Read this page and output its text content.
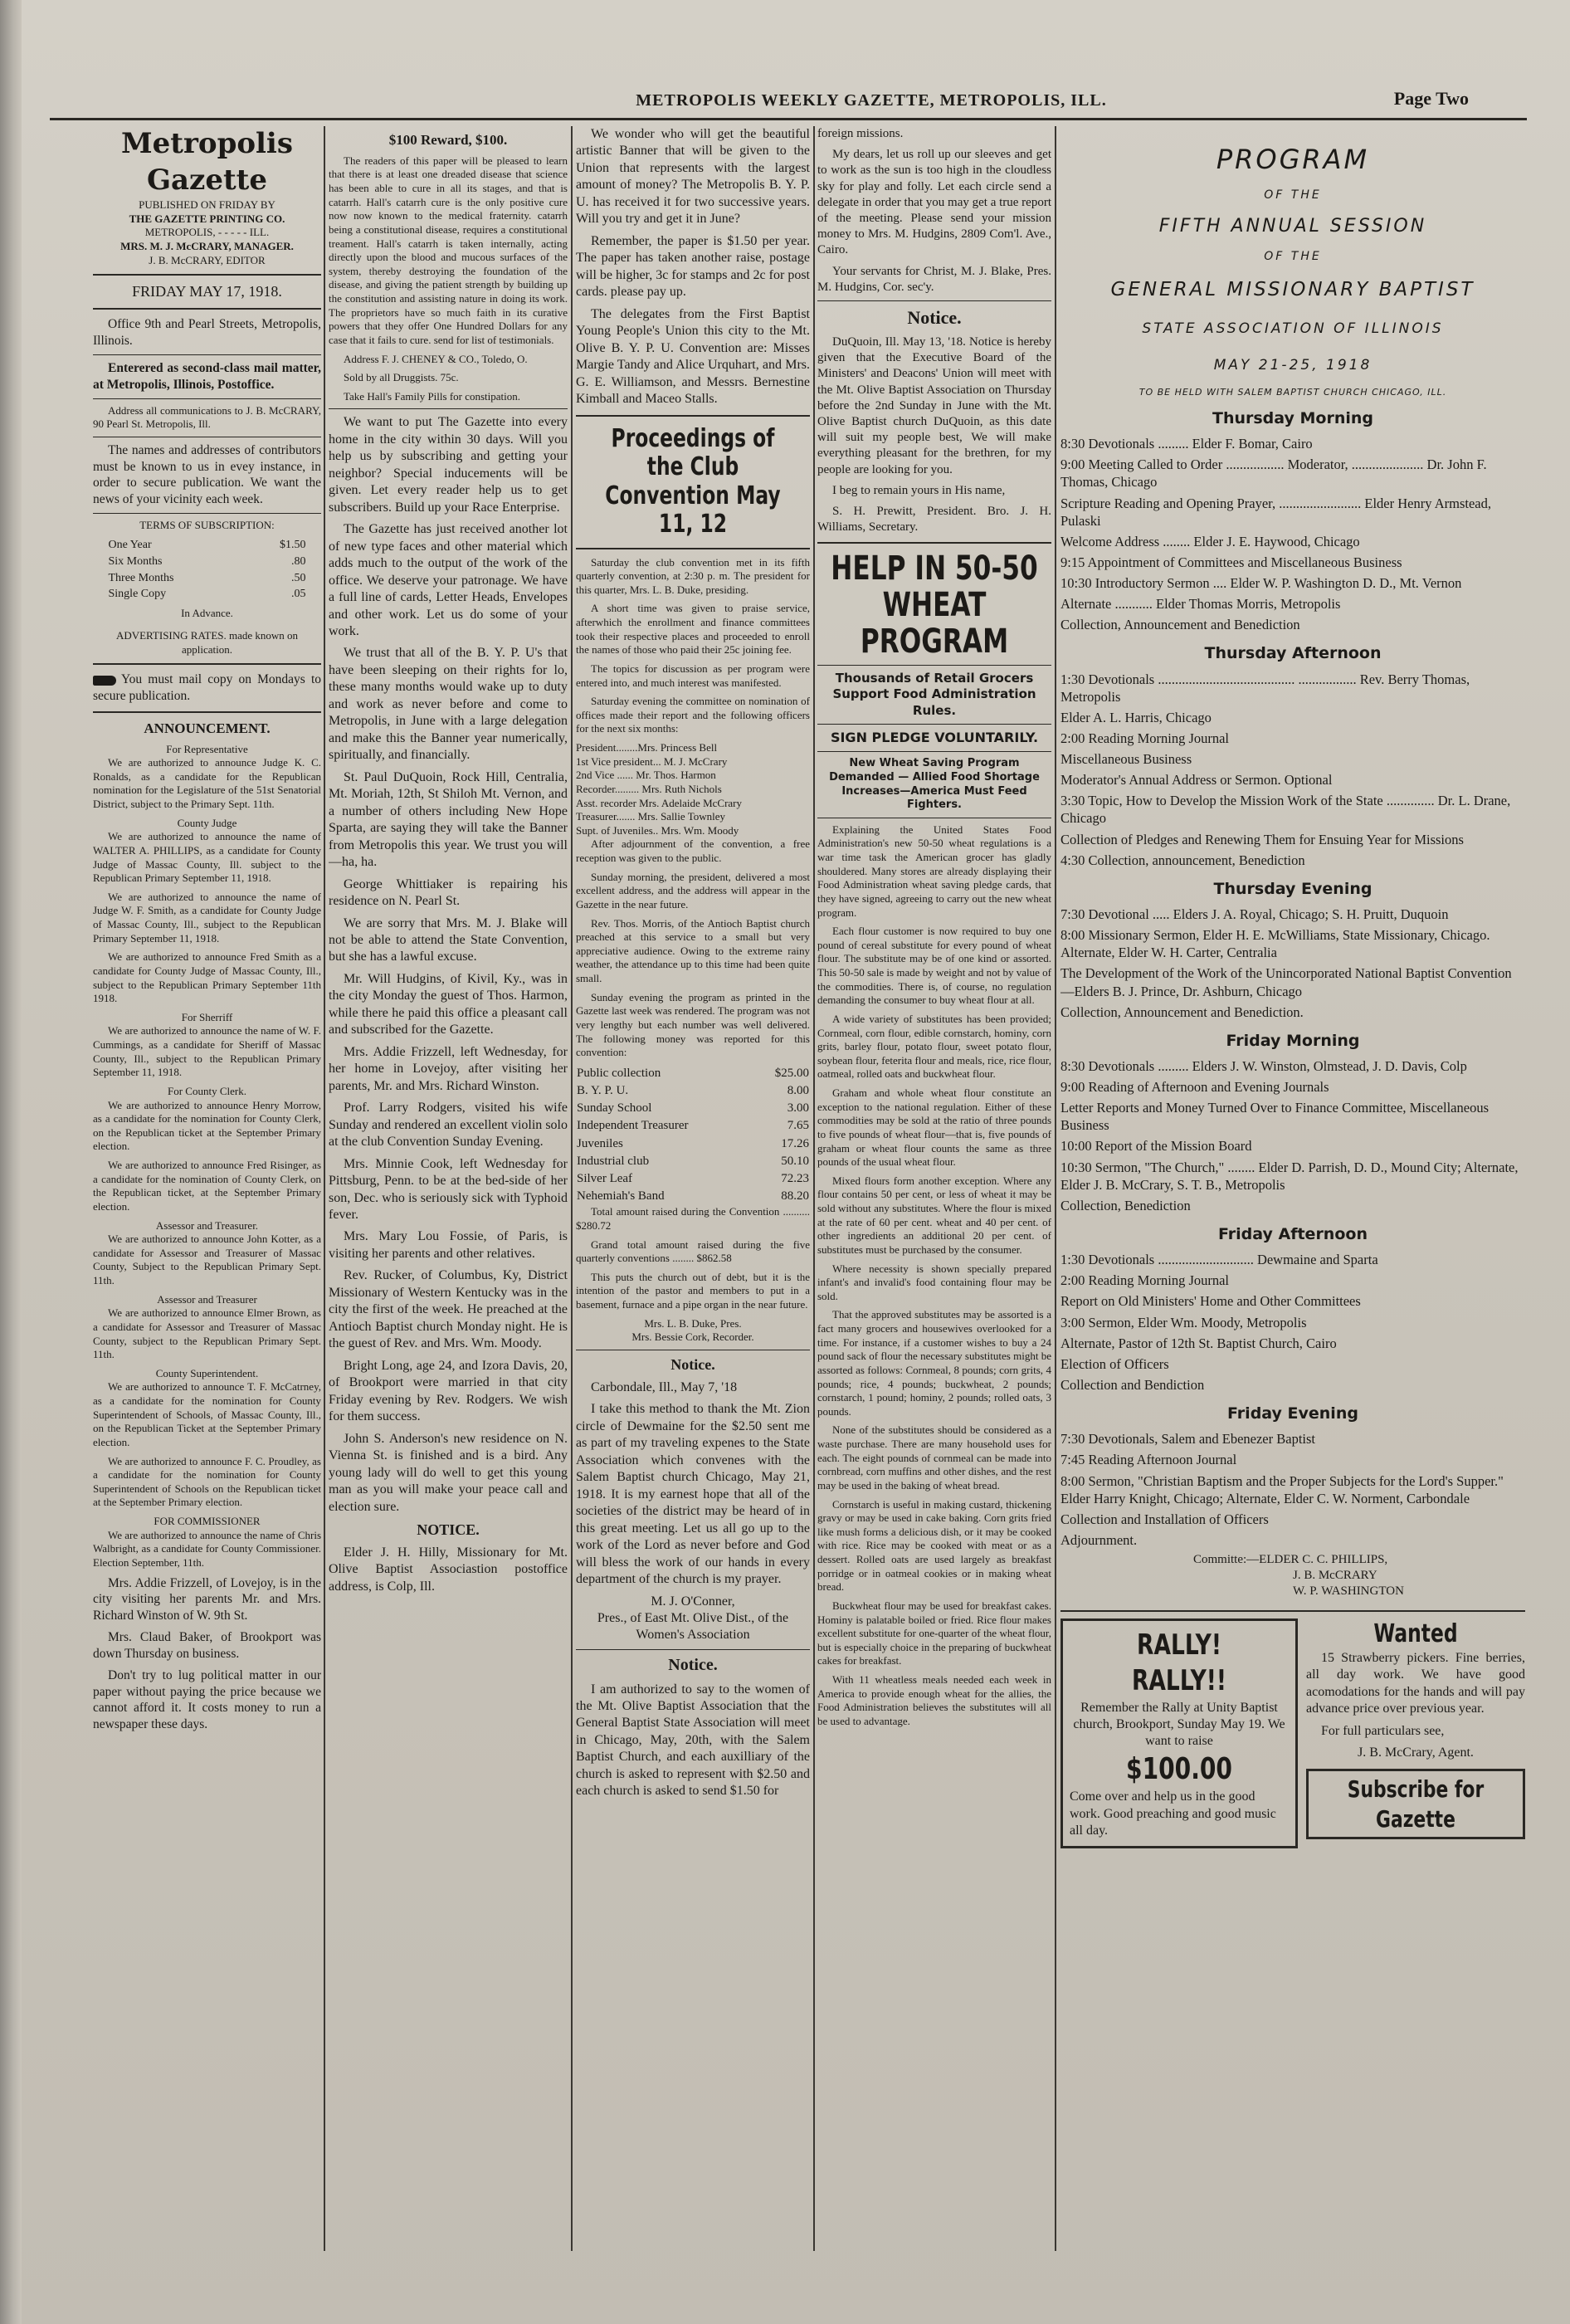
METROPOLIS WEEKLY GAZETTE, METROPOLIS, ILL.	Page Two
Metropolis Gazette
PUBLISHED ON FRIDAY BY
THE GAZETTE PRINTING CO.
METROPOLIS, - - - - - ILL.
MRS. M. J. McCRARY, MANAGER.
J. B. McCRARY, EDITOR
FRIDAY MAY 17, 1918.

Office 9th and Pearl Streets, Metropolis, Illinois.

Enterered as second-class mail matter, at Metropolis, Illinois, Postoffice.

Address all communications to J. B. McCRARY, 90 Pearl St. Metropolis, Ill.

The names and addresses of contributors must be known to us in evey instance, in order to secure publication. We want the news of your vicinity each week.

TERMS OF SUBSCRIPTION:
One Year	$1.50
Six Months	.80
Three Months	.50
Single Copy	.05
In Advance.
ADVERTISING RATES. made known on application.

You must mail copy on Mondays to secure publication.

ANNOUNCEMENT.
For Representative

We are authorized to announce Judge K. C. Ronalds, as a candidate for the Republican nomination for the Legislature of the 51st Senatorial District, subject to the Primary Sept. 11th.

County Judge

We are authorized to announce the name of WALTER A. PHILLIPS, as a candidate for County Judge of Massac County, Ill. subject to the Republican Primary September 11, 1918.

We are authorized to announce the name of Judge W. F. Smith, as a candidate for County Judge of Massac County, Ill., subject to the Republican Primary September 11, 1918.

We are authorized to announce Fred Smith as a candidate for County Judge of Massac County, Ill., subject to the Republican Primary September 11th 1918.

For Sherriff

We are authorized to announce the name of W. F. Cummings, as a candidate for Sheriff of Massac County, Ill., subject to the Republican Primary September 11, 1918.

For County Clerk.

We are authorized to announce Henry Morrow, as a candidate for the nomination for County Clerk, on the Republican ticket at the September Primary election.

We are authorized to announce Fred Risinger, as a candidate for the nomination of County Clerk, on the Republican ticket, at the September Primary election.

Assessor and Treasurer.

We are authorized to announce John Kotter, as a candidate for Assessor and Treasurer of Massac County, Subject to the Republican Primary Sept. 11th.

Assessor and Treasurer

We are authorized to announce Elmer Brown, as a candidate for Assessor and Treasurer of Massac County, subject to the Republican Primary Sept. 11th.

County Superintendent.

We are authorized to announce T. F. McCatrney, as a candidate for the nomination for County Superintendent of Schools, of Massac County, Ill., on the Republican Ticket at the September Primary election.

We are authorized to announce F. C. Proudley, as a candidate for the nomination for County Superintendent of Schools on the Republican ticket at the September Primary election.

FOR COMMISSIONER

We are authorized to announce the name of Chris Walbright, as a candidate for County Commissioner. Election September, 11th.

Mrs. Addie Frizzell, of Lovejoy, is in the city visiting her parents Mr. and Mrs. Richard Winston of W. 9th St.

Mrs. Claud Baker, of Brookport was down Thursday on business.

Don't try to lug political matter in our paper without paying the price because we cannot afford it. It costs money to run a newspaper these days.

$100 Reward, $100.

The readers of this paper will be pleased to learn that there is at least one dreaded disease that science has been able to cure in all its stages, and that is catarrh. Hall's catarrh cure is the only positive cure now now known to the medical fraternity. catarrh being a constitutional disease, requires a constitutional treament. Hall's catarrh is taken internally, acting directly upon the blood and mucous surfaces of the system, thereby destroying the foundation of the disease, and giving the patient strength by building up the constitution and assisting nature in doing its work. The proprietors have so much faith in its curative powers that they offer One Hundred Dollars for any case that it fails to cure. send for list of testimonials.

Address F. J. CHENEY & CO., Toledo, O.

Sold by all Druggists. 75c.

Take Hall's Family Pills for constipation.

We want to put The Gazette into every home in the city within 30 days. Will you help us by subscribing and getting your neighbor? Special inducements will be given. Let every reader help us to get subscribers. Build up your Race Enterprise.

The Gazette has just received another lot of new type faces and other material which adds much to the output of the work of the office. We deserve your patronage. We have a full line of cards, Letter Heads, Envelopes and other work. Let us do some of your work.

We trust that all of the B. Y. P. U's that have been sleeping on their rights for lo, these many months would wake up to duty and work as never before and come to Metropolis, in June with a large delegation and make this the Banner year numerically, spiritually, and financially.

St. Paul DuQuoin, Rock Hill, Centralia, Mt. Moriah, 12th, St Shiloh Mt. Vernon, and a number of others including New Hope Sparta, are saying they will take the Banner from Metropolis this year. We trust you will—ha, ha.

George Whittiaker is repairing his residence on N. Pearl St.

We are sorry that Mrs. M. J. Blake will not be able to attend the State Convention, but she has a lawful excuse.

Mr. Will Hudgins, of Kivil, Ky., was in the city Monday the guest of Thos. Harmon, while there he paid this office a pleasant call and subscribed for the Gazette.

Mrs. Addie Frizzell, left Wednesday, for her home in Lovejoy, after visiting her parents, Mr. and Mrs. Richard Winston.

Prof. Larry Rodgers, visited his wife Sunday and rendered an excellent violin solo at the club Convention Sunday Evening.

Mrs. Minnie Cook, left Wednesday for Pittsburg, Penn. to be at the bed-side of her son, Dec. who is seriously sick with Typhoid fever.

Mrs. Mary Lou Fossie, of Paris, is visiting her parents and other relatives.

Rev. Rucker, of Columbus, Ky, District Missionary of Western Kentucky was in the city the first of the week. He preached at the Antioch Baptist church Monday night. He is the guest of Rev. and Mrs. Wm. Moody.

Bright Long, age 24, and Izora Davis, 20, of Brookport were married in that city Friday evening by Rev. Rodgers. We wish for them success.

John S. Anderson's new residence on N. Vienna St. is finished and is a bird. Any young lady will do well to get this young man as you will make your peace call and election sure.

NOTICE.

Elder J. H. Hilly, Missionary for Mt. Olive Baptist Associastion postoffice address, is Colp, Ill.

We wonder who will get the beautiful artistic Banner that will be given to the Union that represents with the largest amount of money? The Metropolis B. Y. P. U. has received it for two successive years. Will you try and get it in June?

Remember, the paper is $1.50 per year. The paper has taken another raise, postage will be higher, 3c for stamps and 2c for post cards. please pay up.

The delegates from the First Baptist Young People's Union this city to the Mt. Olive B. Y. P. U. Convention are: Misses Margie Tandy and Alice Urquhart, and Mrs. G. E. Williamson, and Messrs. Bernestine Kimball and Maceo Stalls.

Proceedings of the Club Convention May 11, 12

Saturday the club convention met in its fifth quarterly convention, at 2:30 p. m. The president for this quarter, Mrs. L. B. Duke, presiding.

A short time was given to praise service, afterwhich the enrollment and finance committees took their respective places and proceeded to enroll the names of those who paid their 25c joining fee.

The topics for discussion as per program were entered into, and much interest was manifested.

Saturday evening the committee on nomination of offices made their report and the following officers for the next six months:

President........Mrs. Princess Bell
1st Vice president... M. J. McCrary
2nd Vice ...... Mr. Thos. Harmon
Recorder......... Mrs. Ruth Nichols
Asst. recorder Mrs. Adelaide McCrary
Treasurer....... Mrs. Sallie Townley
Supt. of Juveniles.. Mrs. Wm. Moody

After adjournment of the convention, a free reception was given to the public.

Sunday morning, the president, delivered a most excellent address, and the address will appear in the Gazette in the near future.

Rev. Thos. Morris, of the Antioch Baptist church preached at this service to a small but very appreciative audience. Owing to the extreme rainy weather, the attendance up to this time had been quite small.

Sunday evening the program as printed in the Gazette last week was rendered. The program was not very lengthy but each number was well delivered. The following money was reported for this convention:

Public collection	$25.00
B. Y. P. U.	8.00
Sunday School	3.00
Independent Treasurer	7.65
Juveniles	17.26
Industrial club	50.10
Silver Leaf	72.23
Nehemiah's Band	88.20

Total amount raised during the Convention .......... $280.72

Grand total amount raised during the five quarterly conventions ........ $862.58

This puts the church out of debt, but it is the intention of the pastor and members to put in a basement, furnace and a pipe organ in the near future.

Mrs. L. B. Duke, Pres.
Mrs. Bessie Cork, Recorder.
Notice.

Carbondale, Ill., May 7, '18

I take this method to thank the Mt. Zion circle of Dewmaine for the $2.50 sent me as part of my traveling expenes to the State Association which convenes with the Salem Baptist church Chicago, May 21, 1918. It is my earnest hope that all of the societies of the district may be heard of in this great meeting. Let us all go up to the work of the Lord as never before and God will bless the work of our hands in every department of the church is my prayer.

M. J. O'Conner,
Pres., of East Mt. Olive Dist., of the Women's Association
Notice.

I am authorized to say to the women of the Mt. Olive Baptist Association that the General Baptist State Association will meet in Chicago, May, 20th, with the Salem Baptist Church, and each auxilliary of the church is asked to represent with $2.50 and each church is asked to send $1.50 for

foreign missions.

My dears, let us roll up our sleeves and get to work as the sun is too high in the cloudless sky for play and folly. Let each circle send a delegate in order that you may get a true report of the meeting. Please send your mission money to Mrs. M. Hudgins, 2809 Com'l. Ave., Cairo.

Your servants for Christ, M. J. Blake, Pres. M. Hudgins, Cor. sec'y.

Notice.

DuQuoin, Ill. May 13, '18. Notice is hereby given that the Executive Board of the Ministers' and Deacons' Union will meet with the Mt. Olive Baptist Association on Thursday before the 2nd Sunday in June with the Mt. Olive Baptist church DuQuoin, as this date will suit my people best, We will make everything pleasant for the brethren, for my people are looking for you.

I beg to remain yours in His name,

S. H. Prewitt, President. Bro. J. H. Williams, Secretary.

HELP IN 50-50 WHEAT PROGRAM
Thousands of Retail Grocers Support Food Administration Rules.
SIGN PLEDGE VOLUNTARILY.
New Wheat Saving Program Demanded — Allied Food Shortage Increases—America Must Feed Fighters.

Explaining the United States Food Administration's new 50-50 wheat regulations is a war time task the American grocer has gladly shouldered. Many stores are already displaying their Food Administration wheat saving pledge cards, that they have signed, agreeing to carry out the new wheat program.

Each flour customer is now required to buy one pound of cereal substitute for every pound of wheat flour. The substitute may be of one kind or assorted. This 50-50 sale is made by weight and not by value of the commodities. There is, of course, no regulation demanding the consumer to buy wheat flour at all.

A wide variety of substitutes has been provided; Cornmeal, corn flour, edible cornstarch, hominy, corn grits, barley flour, potato flour, sweet potato flour, soybean flour, feterita flour and meals, rice, rice flour, oatmeal, rolled oats and buckwheat flour.

Graham and whole wheat flour constitute an exception to the national regulation. Either of these commodities may be sold at the ratio of three pounds to five pounds of wheat flour—that is, five pounds of graham or wheat flour counts the same as three pounds of the usual wheat flour.

Mixed flours form another exception. Where any flour contains 50 per cent, or less of wheat it may be sold without any substitutes. Where the flour is mixed at the rate of 60 per cent. wheat and 40 per cent. of other ingredients an additional 20 per cent. of substitutes must be purchased by the consumer.

Where necessity is shown specially prepared infant's and invalid's food containing flour may be sold.

That the approved substitutes may be assorted is a fact many grocers and housewives overlooked for a time. For instance, if a customer wishes to buy a 24 pound sack of flour the necessary substitutes might be assorted as follows: Cornmeal, 8 pounds; corn grits, 4 pounds; rice, 4 pounds; buckwheat, 2 pounds; cornstarch, 1 pound; hominy, 2 pounds; rolled oats, 3 pounds.

None of the substitutes should be considered as a waste purchase. There are many household uses for each. The eight pounds of cornmeal can be made into cornbread, corn muffins and other dishes, and the rest may be used in the baking of wheat bread.

Cornstarch is useful in making custard, thickening gravy or may be used in cake baking. Corn grits fried like mush forms a delicious dish, or it may be cooked with rice. Rice may be cooked with meat or as a dessert. Rolled oats are used largely as breakfast porridge or in oatmeal cookies or in making wheat bread.

Buckwheat flour may be used for breakfast cakes. Hominy is palatable boiled or fried. Rice flour makes excellent substitute for one-quarter of the wheat flour, but is especially choice in the preparing of buckwheat cakes for breakfast.

With 11 wheatless meals needed each week in America to provide enough wheat for the allies, the Food Administration believes the substitutes will all be used to advantage.

PROGRAM
OF THE
FIFTH ANNUAL SESSION
OF THE
GENERAL MISSIONARY BAPTIST
STATE ASSOCIATION OF ILLINOIS
MAY 21-25, 1918
TO BE HELD WITH SALEM BAPTIST CHURCH CHICAGO, ILL.
Thursday Morning
8:30 Devotionals ......... Elder F. Bomar, Cairo
9:00 Meeting Called to Order ................. Moderator, ..................... Dr. John F. Thomas, Chicago
Scripture Reading and Opening Prayer, ........................ Elder Henry Armstead, Pulaski
Welcome Address ........ Elder J. E. Haywood, Chicago
9:15 Appointment of Committees and Miscellaneous Business
10:30 Introductory Sermon .... Elder W. P. Washington D. D., Mt. Vernon
Alternate ........... Elder Thomas Morris, Metropolis
Collection, Announcement and Benediction
Thursday Afternoon
1:30 Devotionals ........................................ ................. Rev. Berry Thomas, Metropolis
Elder A. L. Harris, Chicago
2:00 Reading Morning Journal
Miscellaneous Business
Moderator's Annual Address or Sermon. Optional
3:30 Topic, How to Develop the Mission Work of the State .............. Dr. L. Drane, Chicago
Collection of Pledges and Renewing Them for Ensuing Year for Missions
4:30 Collection, announcement, Benediction
Thursday Evening
7:30 Devotional ..... Elders J. A. Royal, Chicago; S. H. Pruitt, Duquoin
8:00 Missionary Sermon, Elder H. E. McWilliams, State Missionary, Chicago. Alternate, Elder W. H. Carter, Centralia
The Development of the Work of the Unincorporated National Baptist Convention—Elders B. J. Prince, Dr. Ashburn, Chicago
Collection, Announcement and Benediction.
Friday Morning
8:30 Devotionals ......... Elders J. W. Winston, Olmstead, J. D. Davis, Colp
9:00 Reading of Afternoon and Evening Journals
Letter Reports and Money Turned Over to Finance Committee, Miscellaneous Business
10:00 Report of the Mission Board
10:30 Sermon, "The Church," ........ Elder D. Parrish, D. D., Mound City; Alternate, Elder J. B. McCrary, S. T. B., Metropolis
Collection, Benediction
Friday Afternoon
1:30 Devotionals ............................ Dewmaine and Sparta
2:00 Reading Morning Journal
Report on Old Ministers' Home and Other Committees
3:00 Sermon, Elder Wm. Moody, Metropolis
Alternate, Pastor of 12th St. Baptist Church, Cairo
Election of Officers
Collection and Bendiction
Friday Evening
7:30 Devotionals, Salem and Ebenezer Baptist
7:45 Reading Afternoon Journal
8:00 Sermon, "Christian Baptism and the Proper Subjects for the Lord's Supper." Elder Harry Knight, Chicago; Alternate, Elder C. W. Norment, Carbondale
Collection and Installation of Officers
Adjournment.
Committe:—ELDER C. C. PHILLIPS,
J. B. McCRARY
W. P. WASHINGTON
RALLY! RALLY!!
Remember the Rally at Unity Baptist church, Brookport, Sunday May 19. We want to raise
$100.00
Come over and help us in the good work. Good preaching and good music all day.
Wanted

15 Strawberry pickers. Fine berries, all day work. We have good acomodations for the hands and will pay advance price over previous year.

For full particulars see,

J. B. McCrary, Agent.
Subscribe for Gazette
